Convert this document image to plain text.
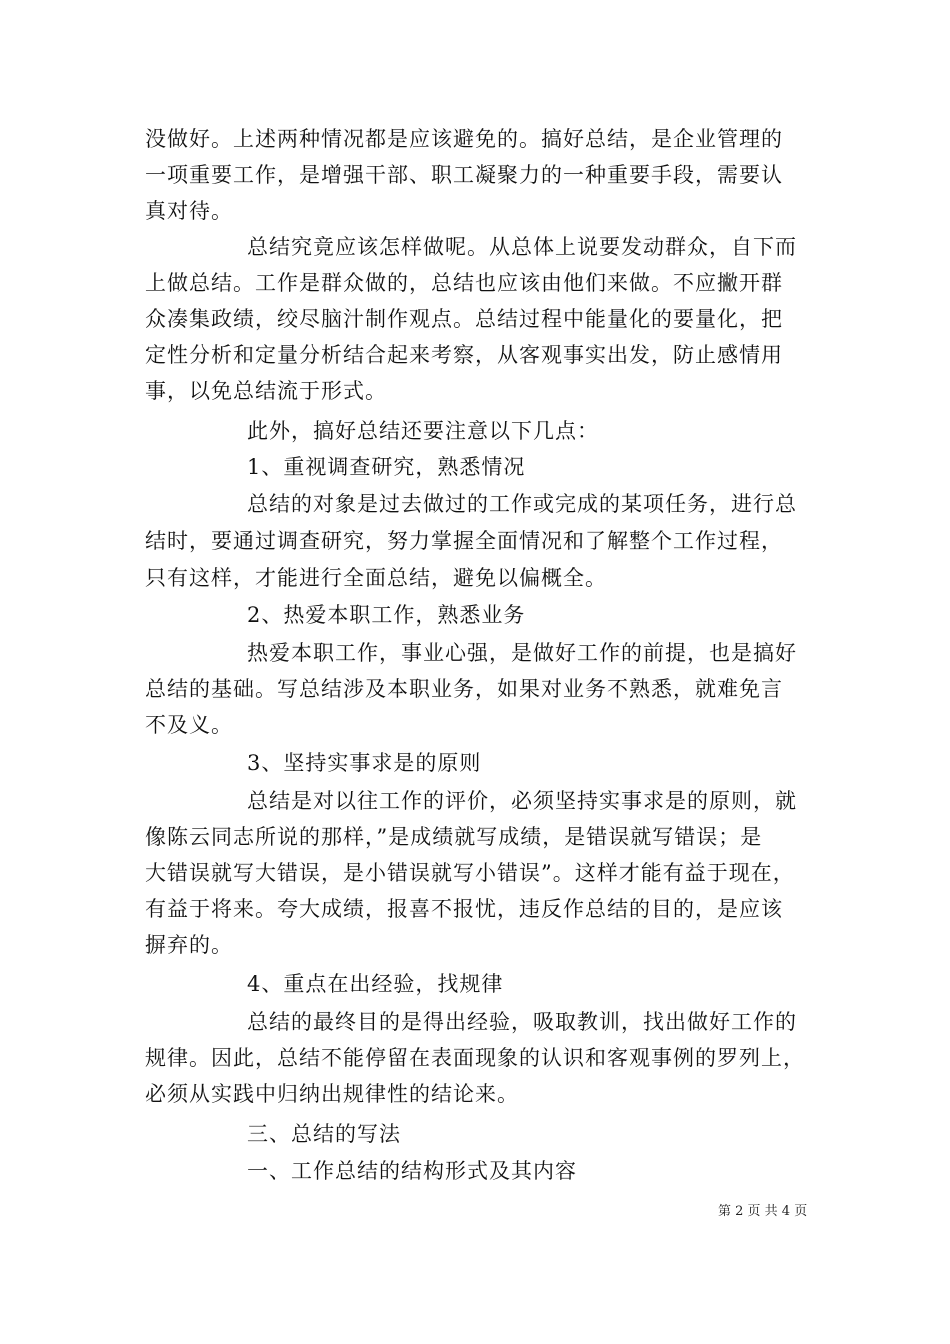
没做好。上述两种情况都是应该避免的。搞好总结，是企业管理的
一项重要工作，是增强干部、职工凝聚力的一种重要手段，需要认
真对待。
总结究竟应该怎样做呢。从总体上说要发动群众，自下而
上做总结。工作是群众做的，总结也应该由他们来做。不应撇开群
众凑集政绩，绞尽脑汁制作观点。总结过程中能量化的要量化，把
定性分析和定量分析结合起来考察，从客观事实出发，防止感情用
事，以免总结流于形式。
此外，搞好总结还要注意以下几点：
1、重视调查研究，熟悉情况
总结的对象是过去做过的工作或完成的某项任务，进行总
结时，要通过调查研究，努力掌握全面情况和了解整个工作过程，
只有这样，才能进行全面总结，避免以偏概全。
2、热爱本职工作，熟悉业务
热爱本职工作，事业心强，是做好工作的前提，也是搞好
总结的基础。写总结涉及本职业务，如果对业务不熟悉，就难免言
不及义。
3、坚持实事求是的原则
总结是对以往工作的评价，必须坚持实事求是的原则，就
像陈云同志所说的那样，”是成绩就写成绩，是错误就写错误；是
大错误就写大错误，是小错误就写小错误”。这样才能有益于现在，
有益于将来。夸大成绩，报喜不报忧，违反作总结的目的，是应该
摒弃的。
4、重点在出经验，找规律
总结的最终目的是得出经验，吸取教训，找出做好工作的
规律。因此，总结不能停留在表面现象的认识和客观事例的罗列上，
必须从实践中归纳出规律性的结论来。
三、总结的写法
一、工作总结的结构形式及其内容
第 2 页 共 4 页
